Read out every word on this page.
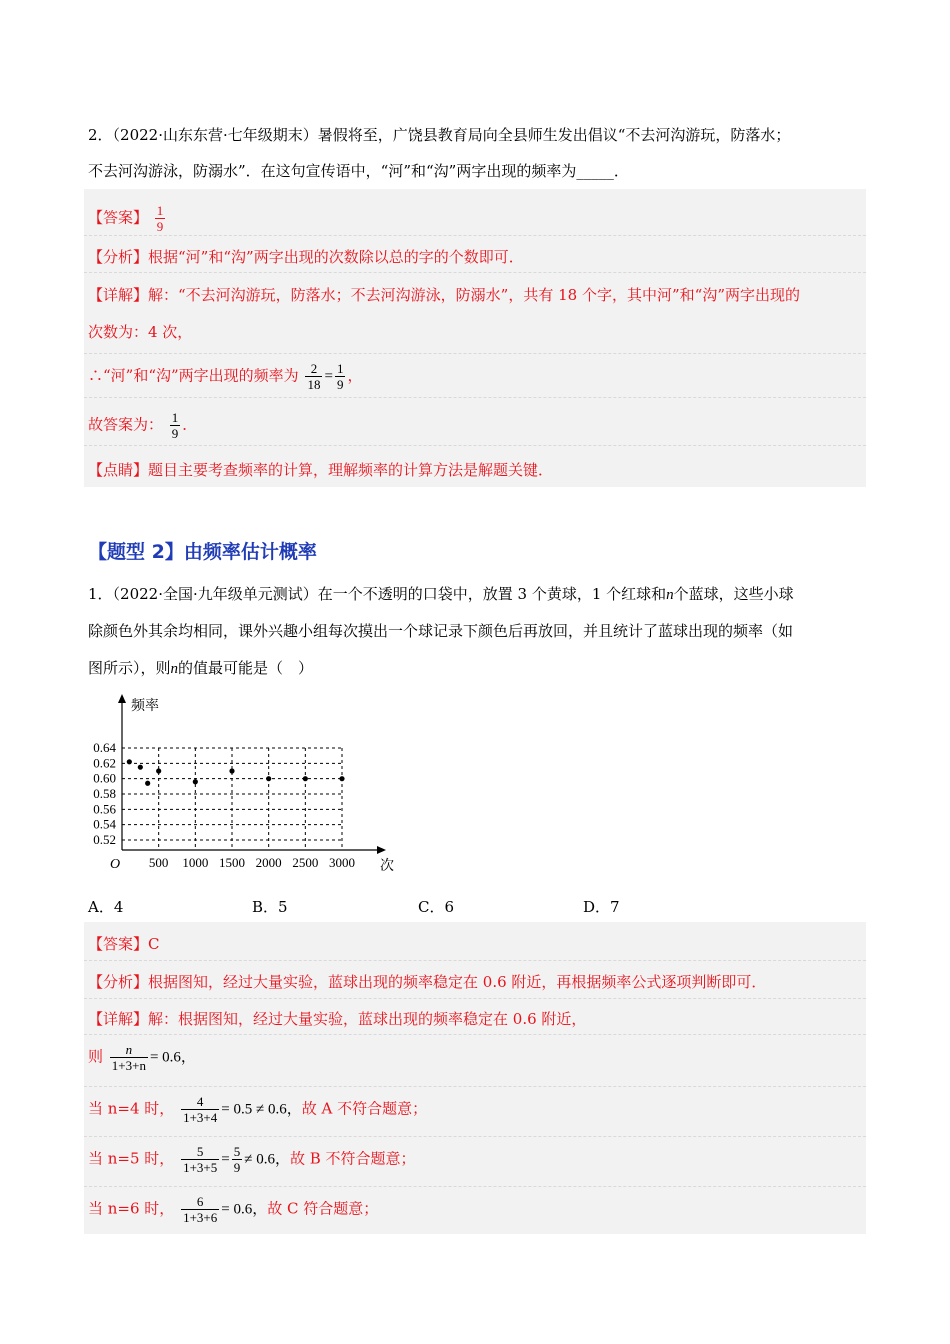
2．（2022·山东东营·七年级期末）暑假将至，广饶县教育局向全县师生发出倡议“不去河沟游玩，防落水；
不去河沟游泳，防溺水”．在这句宣传语中，“河”和“沟”两字出现的频率为_____．
【答案】 $\frac{1}{9}$
【分析】根据“河”和“沟”两字出现的次数除以总的字的个数即可．
【详解】解：“不去河沟游玩，防落水；不去河沟游泳，防溺水”，共有 18 个字，其中河”和“沟”两字出现的
次数为：4 次，
∴“河”和“沟”两字出现的频率为 $\frac{2}{18} = \frac{1}{9}$ ，
故答案为： $\frac{1}{9}$ ．
【点睛】题目主要考查频率的计算，理解频率的计算方法是解题关键．
【题型 2】由频率估计概率
1．（2022·全国·九年级单元测试）在一个不透明的口袋中，放置 3 个黄球，1 个红球和n个蓝球，这些小球
除颜色外其余均相同，课外兴趣小组每次摸出一个球记录下颜色后再放回，并且统计了蓝球出现的频率（如
图所示），则n的值最可能是（　）
0.52
0.54
0.56
0.58
0.60
0.62
0.64
500 1000 1500 2000 2500 3000
频率
次
O
A．4	B．5	C．6	D．7
【答案】C
【分析】根据图知，经过大量实验，蓝球出现的频率稳定在 0.6 附近，再根据频率公式逐项判断即可．
【详解】解：根据图知，经过大量实验，蓝球出现的频率稳定在 0.6 附近，
则 $\frac{n}{1+3+n} = 0.6$，
当 n=4 时， $\frac{4}{1+3+4} = 0.5 \ne 0.6$，故 A 不符合题意；
当 n=5 时， $\frac{5}{1+3+5} = \frac{5}{9} \ne 0.6$，故 B 不符合题意；
当 n=6 时， $\frac{6}{1+3+6} = 0.6$，故 C 符合题意；
